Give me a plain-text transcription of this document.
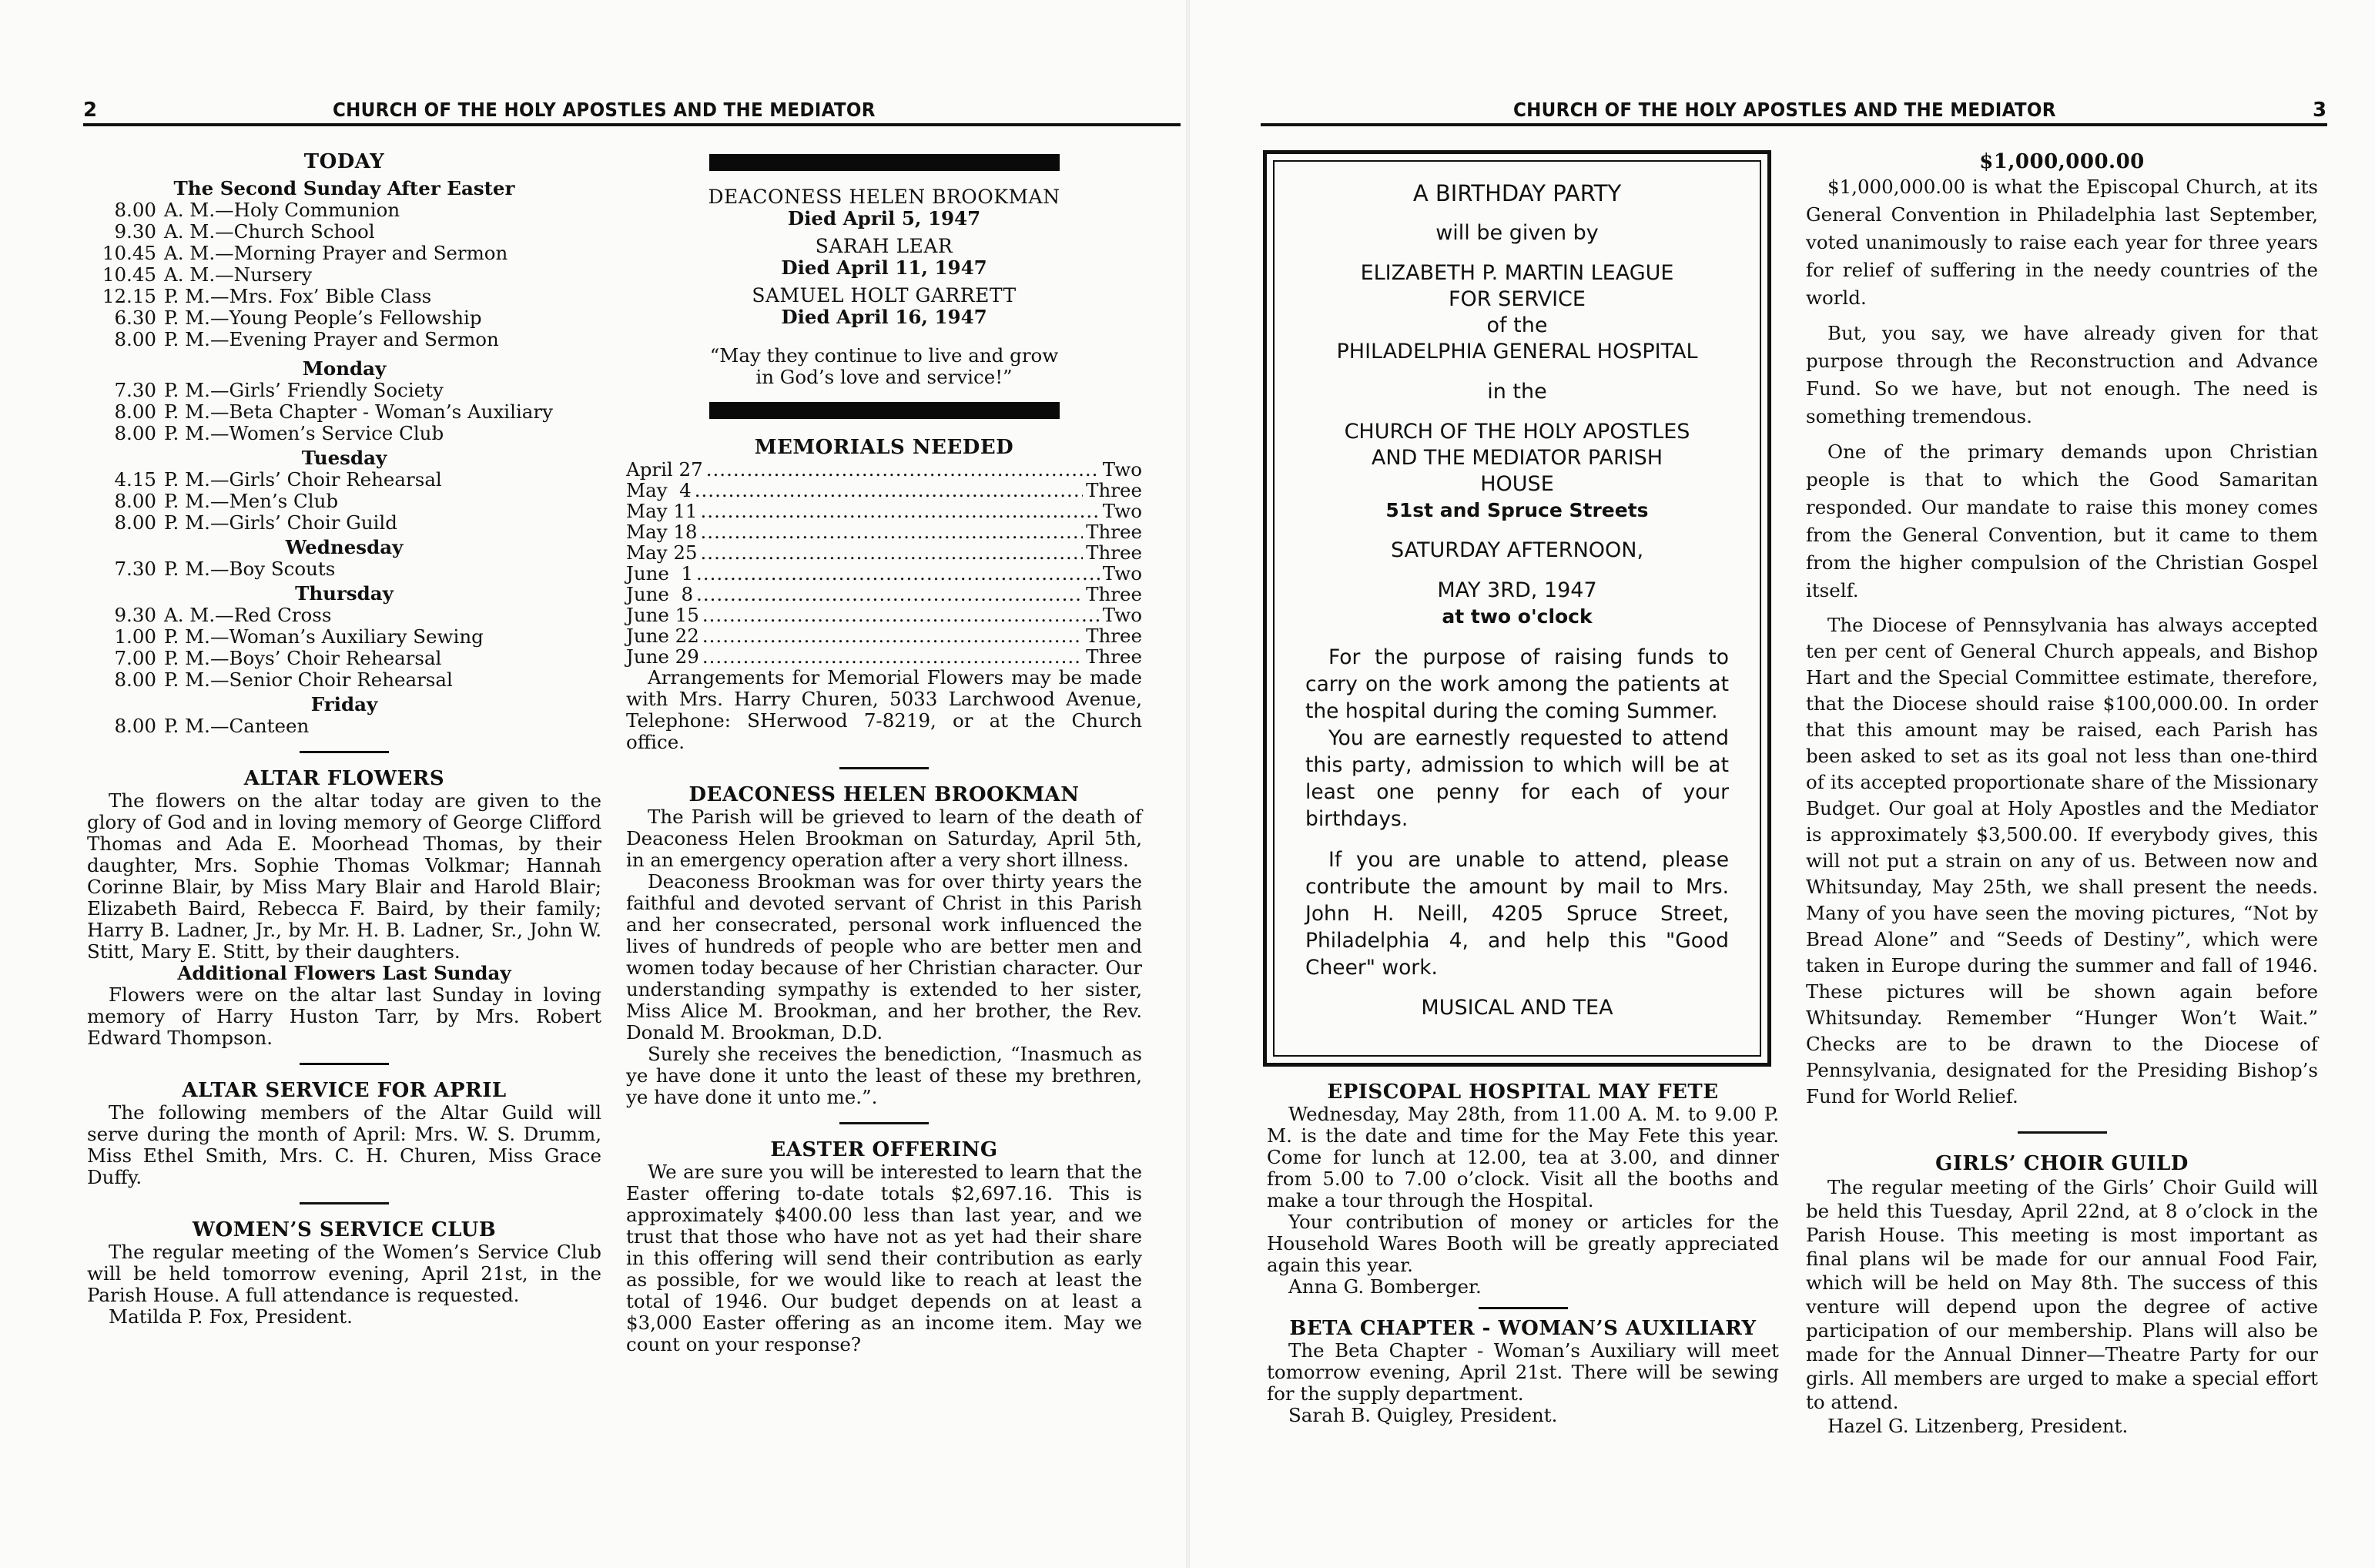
2	CHURCH OF THE HOLY APOSTLES AND THE MEDIATOR
TODAY
The Second Sunday After Easter
8.00 A. M. — Holy Communion
9.30 A. M. — Church School
10.45 A. M. — Morning Prayer and Sermon
10.45 A. M. — Nursery
12.15 P. M. — Mrs. Fox’ Bible Class
6.30 P. M. — Young People’s Fellowship
8.00 P. M. — Evening Prayer and Sermon
Monday
7.30 P. M. — Girls’ Friendly Society
8.00 P. M. — Beta Chapter - Woman’s Auxiliary
8.00 P. M. — Women’s Service Club
Tuesday
4.15 P. M. — Girls’ Choir Rehearsal
8.00 P. M. — Men’s Club
8.00 P. M. — Girls’ Choir Guild
Wednesday
7.30 P. M. — Boy Scouts
Thursday
9.30 A. M. — Red Cross
1.00 P. M. — Woman’s Auxiliary Sewing
7.00 P. M. — Boys’ Choir Rehearsal
8.00 P. M. — Senior Choir Rehearsal
Friday
8.00 P. M. — Canteen
ALTAR FLOWERS

The flowers on the altar today are given to the glory of God and in loving memory of George Clifford Thomas and Ada E. Moorhead Thomas, by their daughter, Mrs. Sophie Thomas Volkmar; Hannah Corinne Blair, by Miss Mary Blair and Harold Blair; Elizabeth Baird, Rebecca F. Baird, by their family; Harry B. Ladner, Jr., by Mr. H. B. Ladner, Sr., John W. Stitt, Mary E. Stitt, by their daughters.

Additional Flowers Last Sunday

Flowers were on the altar last Sunday in loving memory of Harry Huston Tarr, by Mrs. Robert Edward Thompson.

ALTAR SERVICE FOR APRIL

The following members of the Altar Guild will serve during the month of April: Mrs. W. S. Drumm, Miss Ethel Smith, Mrs. C. H. Churen, Miss Grace Duffy.

WOMEN’S SERVICE CLUB

The regular meeting of the Women’s Service Club will be held tomorrow evening, April 21st, in the Parish House. A full attendance is requested.

Matilda P. Fox, President.

DEACONESS HELEN BROOKMAN
Died April 5, 1947
SARAH LEAR
Died April 11, 1947
SAMUEL HOLT GARRETT
Died April 16, 1947
“May they continue to live and grow
in God’s love and service!”
MEMORIALS NEEDED
April 27 .....	Two
May  4 .....	Three
May 11 .....	Two
May 18 .....	Three
May 25 .....	Three
June  1 .....	Two
June  8 .....	Three
June 15 .....	Two
June 22 .....	Three
June 29 .....	Three

Arrangements for Memorial Flowers may be made with Mrs. Harry Churen, 5033 Larchwood Avenue, Telephone: SHerwood 7-8219, or at the Church office.

DEACONESS HELEN BROOKMAN

The Parish will be grieved to learn of the death of Deaconess Helen Brookman on Saturday, April 5th, in an emergency operation after a very short illness.

Deaconess Brookman was for over thirty years the faithful and devoted servant of Christ in this Parish and her consecrated, personal work influenced the lives of hundreds of people who are better men and women today because of her Christian character. Our understanding sympathy is extended to her sister, Miss Alice M. Brookman, and her brother, the Rev. Donald M. Brookman, D.D.

Surely she receives the benediction, “Inasmuch as ye have done it unto the least of these my brethren, ye have done it unto me.”.

EASTER OFFERING

We are sure you will be interested to learn that the Easter offering to-date totals $2,697.16. This is approximately $400.00 less than last year, and we trust that those who have not as yet had their share in this offering will send their contribution as early as possible, for we would like to reach at least the total of 1946. Our budget depends on at least a $3,000 Easter offering as an income item. May we count on your response?

CHURCH OF THE HOLY APOSTLES AND THE MEDIATOR	3
A BIRTHDAY PARTY
will be given by
ELIZABETH P. MARTIN LEAGUE
FOR SERVICE
of the
PHILADELPHIA GENERAL HOSPITAL
in the
CHURCH OF THE HOLY APOSTLES
AND THE MEDIATOR PARISH
HOUSE
51st and Spruce Streets
SATURDAY AFTERNOON,
MAY 3RD, 1947
at two o'clock

For the purpose of raising funds to carry on the work among the patients at the hospital during the coming Summer.

You are earnestly requested to attend this party, admission to which will be at least one penny for each of your birthdays.

If you are unable to attend, please contribute the amount by mail to Mrs. John H. Neill, 4205 Spruce Street, Philadelphia 4, and help this "Good Cheer" work.

MUSICAL AND TEA
EPISCOPAL HOSPITAL MAY FETE

Wednesday, May 28th, from 11.00 A. M. to 9.00 P. M. is the date and time for the May Fete this year. Come for lunch at 12.00, tea at 3.00, and dinner from 5.00 to 7.00 o’clock. Visit all the booths and make a tour through the Hospital.

Your contribution of money or articles for the Household Wares Booth will be greatly appreciated again this year.

Anna G. Bomberger.

BETA CHAPTER - WOMAN’S AUXILIARY

The Beta Chapter - Woman’s Auxiliary will meet tomorrow evening, April 21st. There will be sewing for the supply department.

Sarah B. Quigley, President.

$1,000,000.00

$1,000,000.00 is what the Episcopal Church, at its General Convention in Philadelphia last September, voted unanimously to raise each year for three years for relief of suffering in the needy countries of the world.

But, you say, we have already given for that purpose through the Reconstruction and Advance Fund. So we have, but not enough. The need is something tremendous.

One of the primary demands upon Christian people is that to which the Good Samaritan responded. Our mandate to raise this money comes from the General Convention, but it came to them from the higher compulsion of the Christian Gospel itself.

The Diocese of Pennsylvania has always accepted ten per cent of General Church appeals, and Bishop Hart and the Special Committee estimate, therefore, that the Diocese should raise $100,000.00. In order that this amount may be raised, each Parish has been asked to set as its goal not less than one-third of its accepted proportionate share of the Missionary Budget. Our goal at Holy Apostles and the Mediator is approximately $3,500.00. If everybody gives, this will not put a strain on any of us. Between now and Whitsunday, May 25th, we shall present the needs. Many of you have seen the moving pictures, “Not by Bread Alone” and “Seeds of Destiny”, which were taken in Europe during the summer and fall of 1946. These pictures will be shown again before Whitsunday. Remember “Hunger Won’t Wait.” Checks are to be drawn to the Diocese of Pennsylvania, designated for the Presiding Bishop’s Fund for World Relief.

GIRLS’ CHOIR GUILD

The regular meeting of the Girls’ Choir Guild will be held this Tuesday, April 22nd, at 8 o’clock in the Parish House. This meeting is most important as final plans wil be made for our annual Food Fair, which will be held on May 8th. The success of this venture will depend upon the degree of active participation of our membership. Plans will also be made for the Annual Dinner—Theatre Party for our girls. All members are urged to make a special effort to attend.

Hazel G. Litzenberg, President.
